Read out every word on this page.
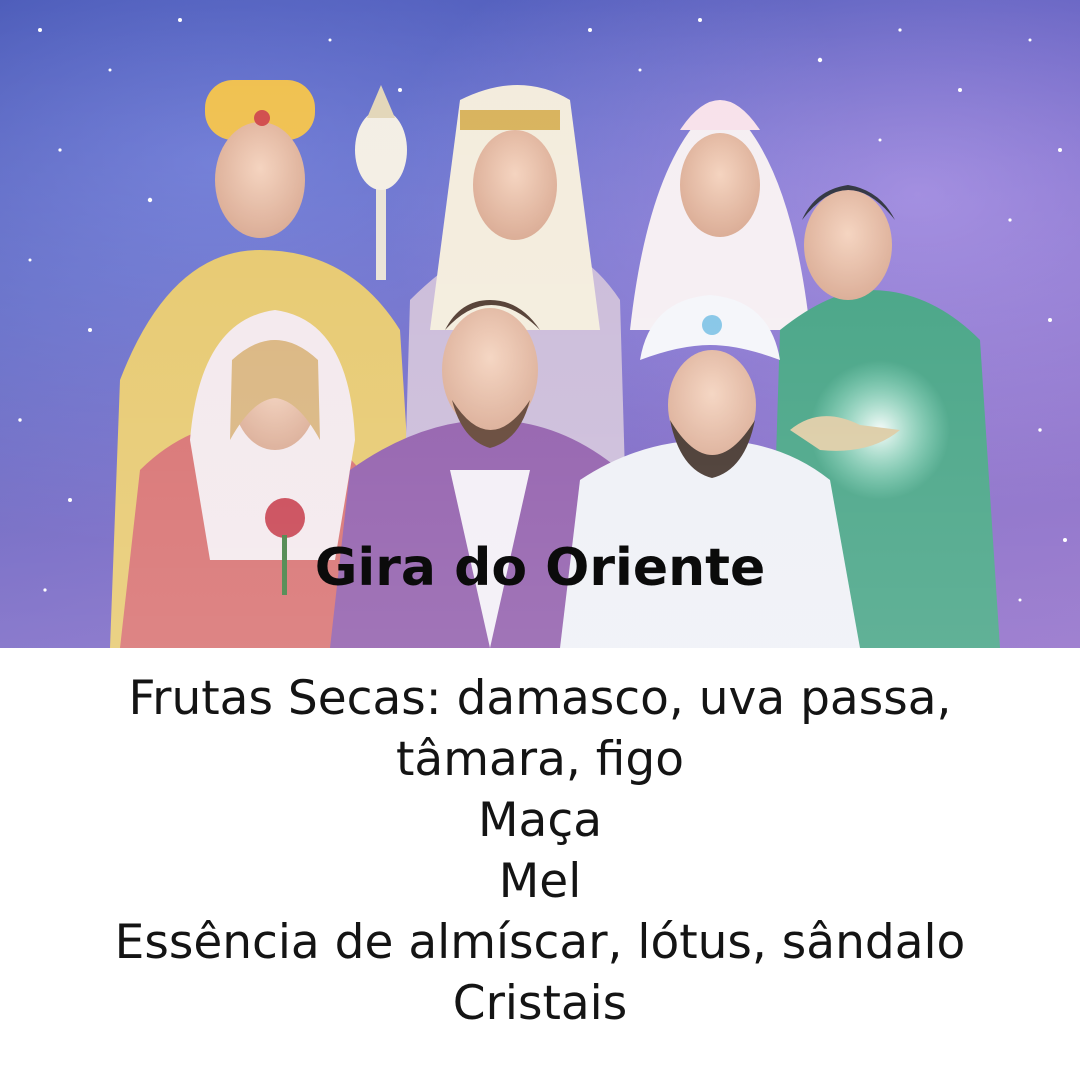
Gira do Oriente
Frutas Secas: damasco, uva passa, tâmara, figo
Maça
Mel
Essência de almíscar, lótus, sândalo
Cristais
